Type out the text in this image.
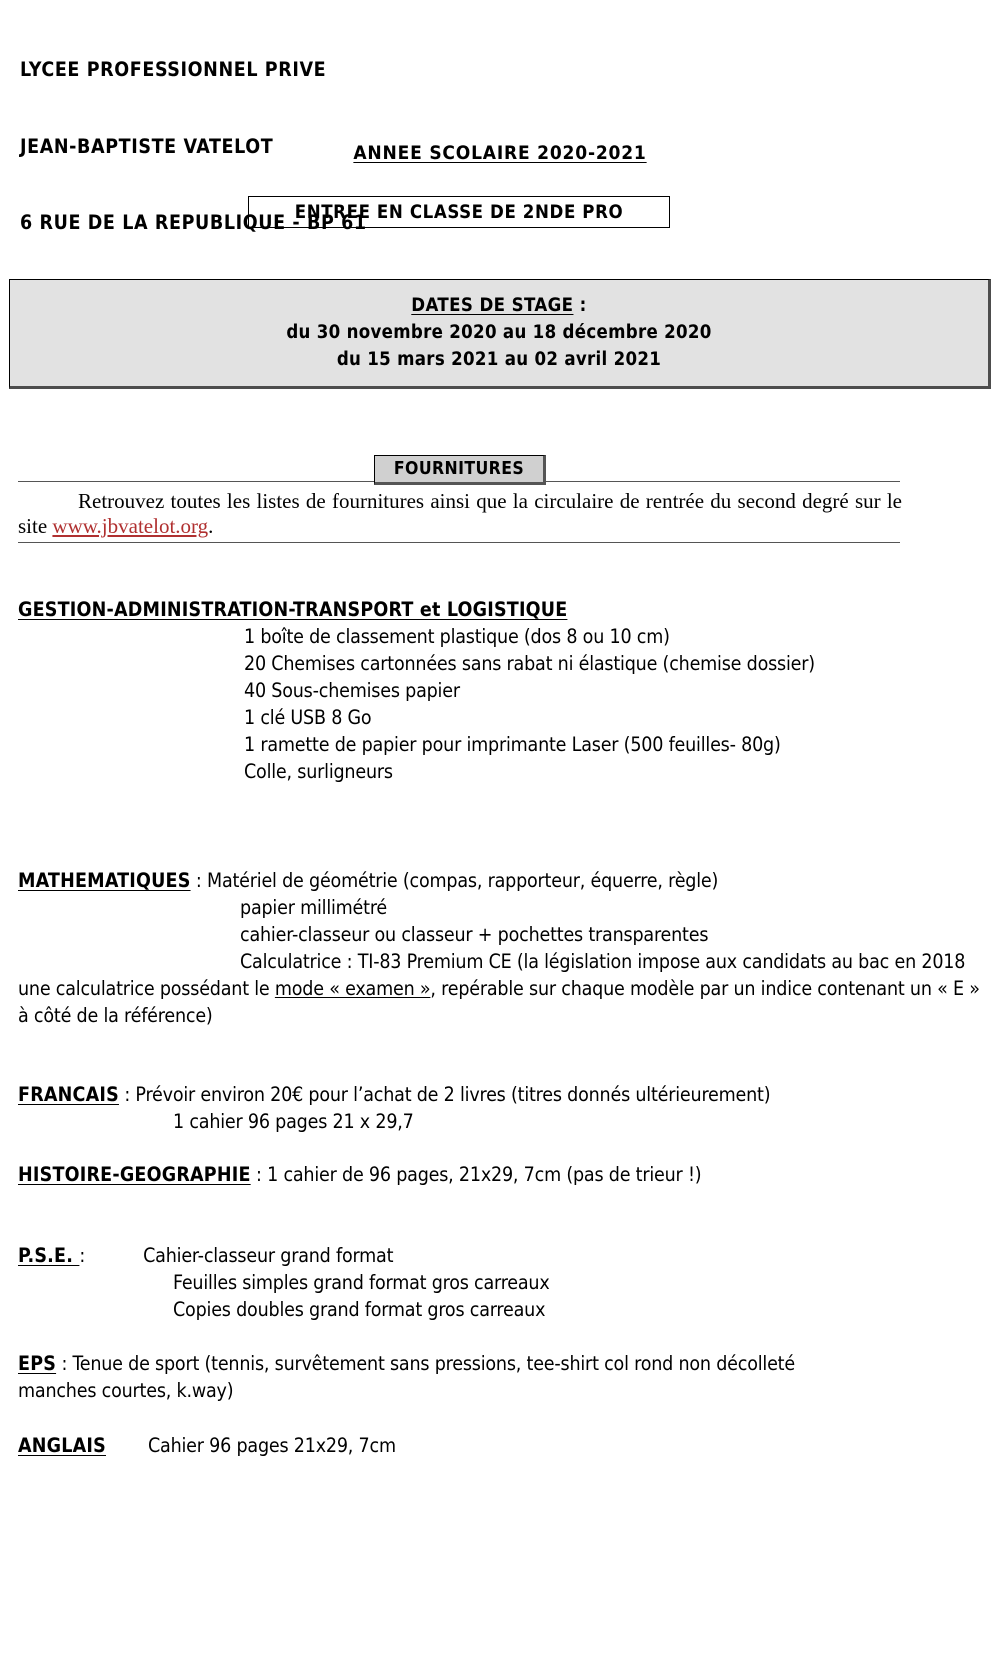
LYCEE PROFESSIONNEL PRIVE

JEAN-BAPTISTE VATELOT

6 RUE DE LA REPUBLIQUE - BP 61

ANNEE SCOLAIRE 2020-2021
ENTREE EN CLASSE DE 2NDE PRO
DATES DE STAGE :
du 30 novembre 2020 au 18 décembre 2020
du 15 mars 2021 au 02 avril 2021
FOURNITURES
Retrouvez toutes les listes de fournitures ainsi que la circulaire de rentrée du second degré sur le site www.jbvatelot.org.
GESTION-ADMINISTRATION-TRANSPORT et LOGISTIQUE
1 boîte de classement plastique (dos 8 ou 10 cm)
20 Chemises cartonnées sans rabat ni élastique (chemise dossier)
40 Sous-chemises papier
1 clé USB 8 Go
1 ramette de papier pour imprimante Laser (500 feuilles- 80g)
Colle, surligneurs
MATHEMATIQUES : Matériel de géométrie (compas, rapporteur, équerre, règle)
papier millimétré
cahier-classeur ou classeur + pochettes transparentes
Calculatrice : TI-83 Premium CE (la législation impose aux candidats au bac en 2018 une calculatrice possédant le mode « examen », repérable sur chaque modèle par un indice contenant un « E » à côté de la référence)
FRANCAIS : Prévoir environ 20€ pour l’achat de 2 livres (titres donnés ultérieurement)
1 cahier 96 pages 21 x 29,7
HISTOIRE-GEOGRAPHIE : 1 cahier de 96 pages, 21x29, 7cm (pas de trieur !)
P.S.E. :	Cahier-classeur grand format
Feuilles simples grand format gros carreaux
Copies doubles grand format gros carreaux
EPS : Tenue de sport (tennis, survêtement sans pressions, tee-shirt col rond non décolleté manches courtes, k.way)
ANGLAIS Cahier 96 pages 21x29, 7cm
